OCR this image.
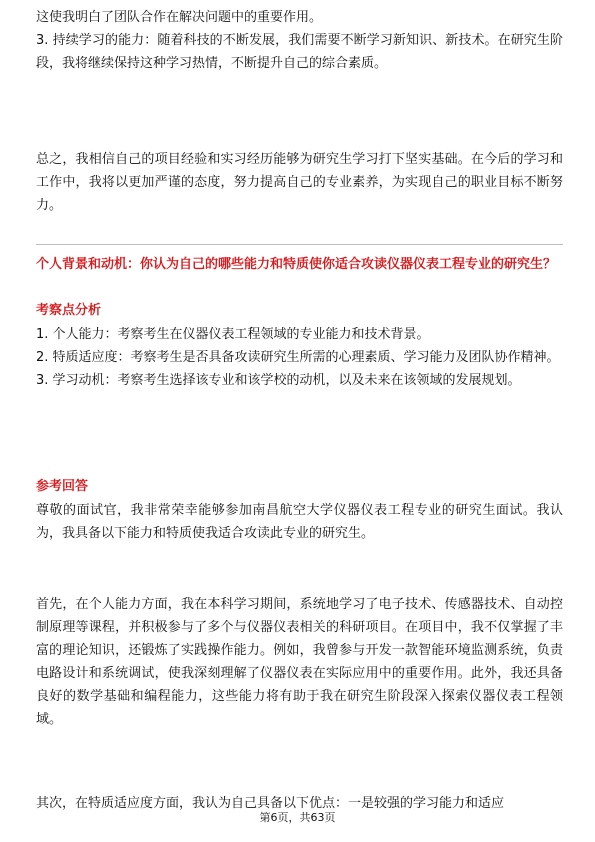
这使我明白了团队合作在解决问题中的重要作用。

3. 持续学习的能力：随着科技的不断发展，我们需要不断学习新知识、新技术。在研究生阶段，我将继续保持这种学习热情，不断提升自己的综合素质。

总之，我相信自己的项目经验和实习经历能够为研究生学习打下坚实基础。在今后的学习和工作中，我将以更加严谨的态度，努力提高自己的专业素养，为实现自己的职业目标不断努力。

个人背景和动机：你认为自己的哪些能力和特质使你适合攻读仪器仪表工程专业的研究生？

考察点分析

1. 个人能力：考察考生在仪器仪表工程领域的专业能力和技术背景。

2. 特质适应度：考察考生是否具备攻读研究生所需的心理素质、学习能力及团队协作精神。

3. 学习动机：考察考生选择该专业和该学校的动机，以及未来在该领域的发展规划。

参考回答

尊敬的面试官，我非常荣幸能够参加南昌航空大学仪器仪表工程专业的研究生面试。我认为，我具备以下能力和特质使我适合攻读此专业的研究生。

首先，在个人能力方面，我在本科学习期间，系统地学习了电子技术、传感器技术、自动控制原理等课程，并积极参与了多个与仪器仪表相关的科研项目。在项目中，我不仅掌握了丰富的理论知识，还锻炼了实践操作能力。例如，我曾参与开发一款智能环境监测系统，负责电路设计和系统调试，使我深刻理解了仪器仪表在实际应用中的重要作用。此外，我还具备良好的数学基础和编程能力，这些能力将有助于我在研究生阶段深入探索仪器仪表工程领域。

其次，在特质适应度方面，我认为自己具备以下优点：一是较强的学习能力和适应

第6页，共63页
